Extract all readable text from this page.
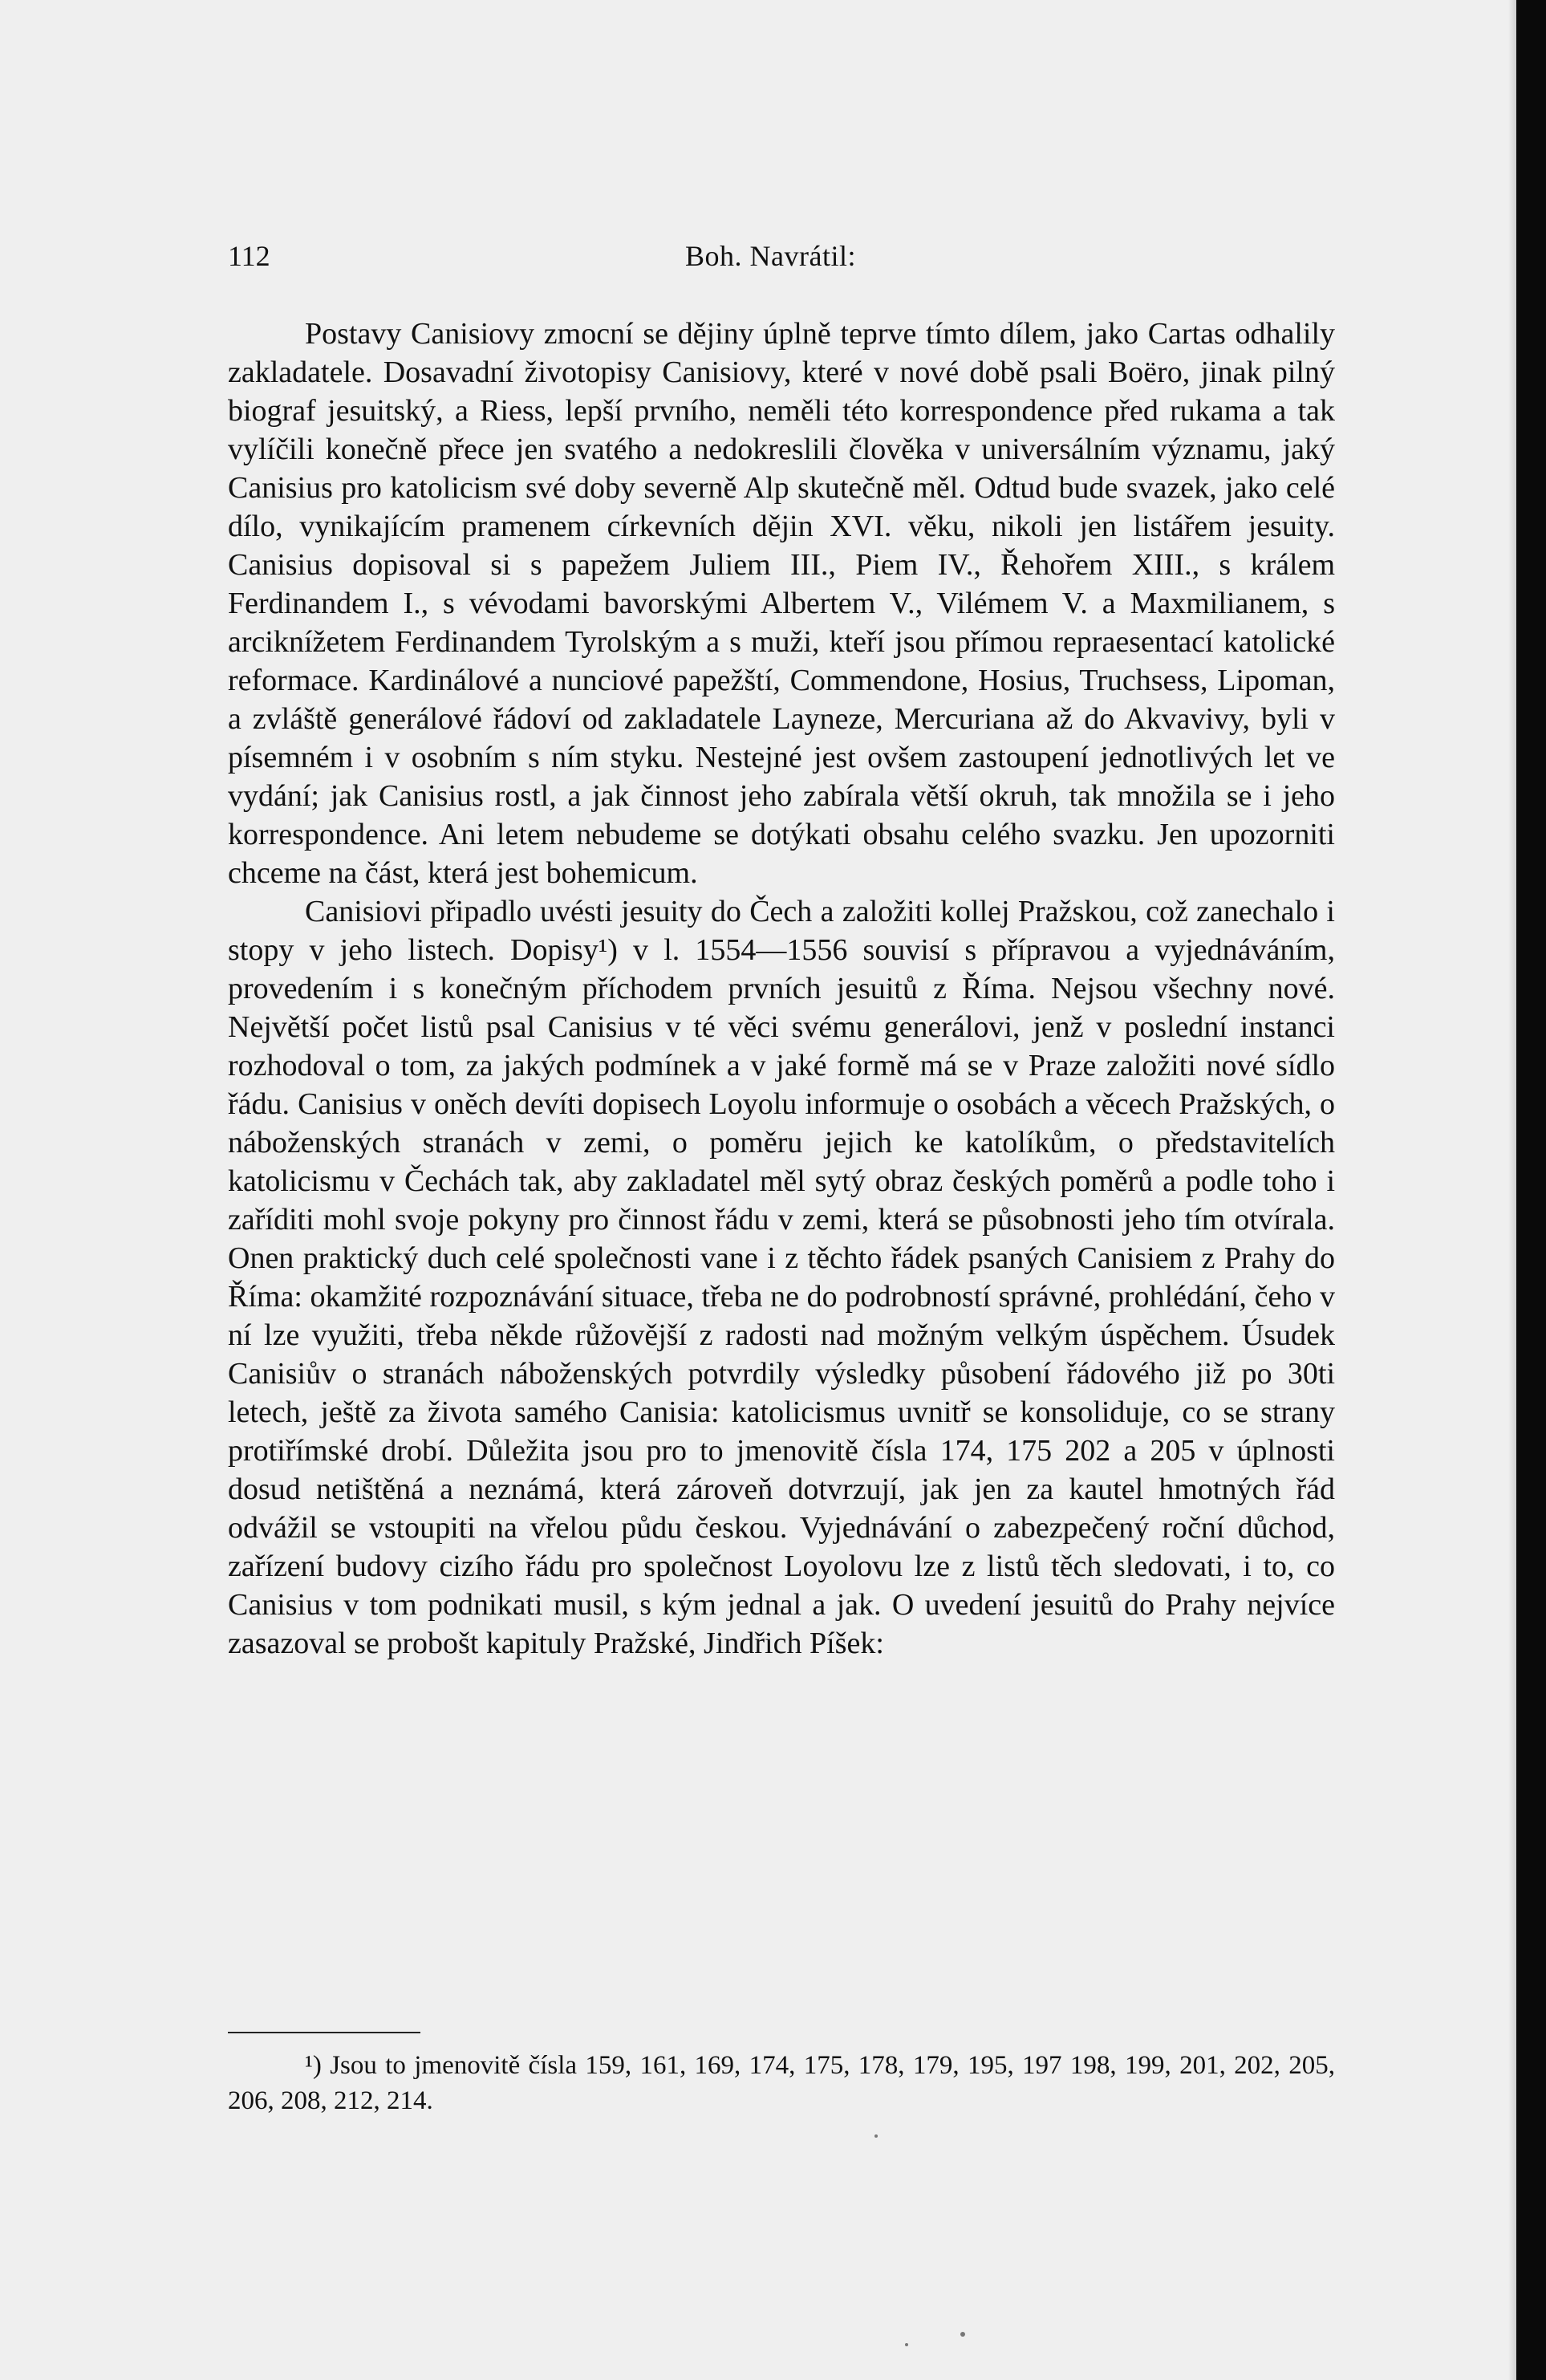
112	Boh. Navrátil:

Postavy Canisiovy zmocní se dějiny úplně teprve tímto dílem, jako Cartas odhalily zakladatele. Dosavadní životopisy Canisiovy, které v nové době psali Boëro, jinak pilný biograf jesuitský, a Riess, lepší prvního, neměli této korrespondence před rukama a tak vylíčili konečně přece jen svatého a nedokreslili člověka v universálním významu, jaký Canisius pro katolicism své doby severně Alp skutečně měl. Odtud bude svazek, jako celé dílo, vynikajícím pramenem církevních dějin XVI. věku, nikoli jen listářem jesuity. Canisius dopisoval si s papežem Juliem III., Piem IV., Řehořem XIII., s králem Ferdinandem I., s vévodami bavorskými Albertem V., Vilémem V. a Maxmilianem, s arciknížetem Ferdinandem Tyrolským a s muži, kteří jsou přímou repraesentací katolické reformace. Kardinálové a nunciové papežští, Commendone, Hosius, Truchsess, Lipoman, a zvláště generálové řádoví od zakladatele Layneze, Mercuriana až do Akvavivy, byli v písemném i v osobním s ním styku. Nestejné jest ovšem zastoupení jednotlivých let ve vydání; jak Canisius rostl, a jak činnost jeho zabírala větší okruh, tak množila se i jeho korrespondence. Ani letem nebudeme se dotýkati obsahu celého svazku. Jen upozorniti chceme na část, která jest bohemicum.

Canisiovi připadlo uvésti jesuity do Čech a založiti kollej Pražskou, což zanechalo i stopy v jeho listech. Dopisy¹) v l. 1554—1556 souvisí s přípravou a vyjednáváním, provedením i s konečným příchodem prvních jesuitů z Říma. Nejsou všechny nové. Největší počet listů psal Canisius v té věci svému generálovi, jenž v poslední instanci rozhodoval o tom, za jakých podmínek a v jaké formě má se v Praze založiti nové sídlo řádu. Canisius v oněch devíti dopisech Loyolu informuje o osobách a věcech Pražských, o náboženských stranách v zemi, o poměru jejich ke katolíkům, o představitelích katolicismu v Čechách tak, aby zakladatel měl sytý obraz českých poměrů a podle toho i zaříditi mohl svoje pokyny pro činnost řádu v zemi, která se působnosti jeho tím otvírala. Onen praktický duch celé společnosti vane i z těchto řádek psaných Canisiem z Prahy do Říma: okamžité rozpoznávání situace, třeba ne do podrobností správné, prohlédání, čeho v ní lze využiti, třeba někde růžovější z radosti nad možným velkým úspěchem. Úsudek Canisiův o stranách náboženských potvrdily výsledky působení řádového již po 30ti letech, ještě za života samého Canisia: katolicismus uvnitř se konsoliduje, co se strany protiřímské drobí. Důležita jsou pro to jmenovitě čísla 174, 175 202 a 205 v úplnosti dosud netištěná a neznámá, která zároveň dotvrzují, jak jen za kautel hmotných řád odvážil se vstoupiti na vřelou půdu českou. Vyjednávání o zabezpečený roční důchod, zařízení budovy cizího řádu pro společnost Loyolovu lze z listů těch sledovati, i to, co Canisius v tom podnikati musil, s kým jednal a jak. O uvedení jesuitů do Prahy nejvíce zasazoval se probošt kapituly Pražské, Jindřich Píšek:

¹) Jsou to jmenovitě čísla 159, 161, 169, 174, 175, 178, 179, 195, 197 198, 199, 201, 202, 205, 206, 208, 212, 214.
